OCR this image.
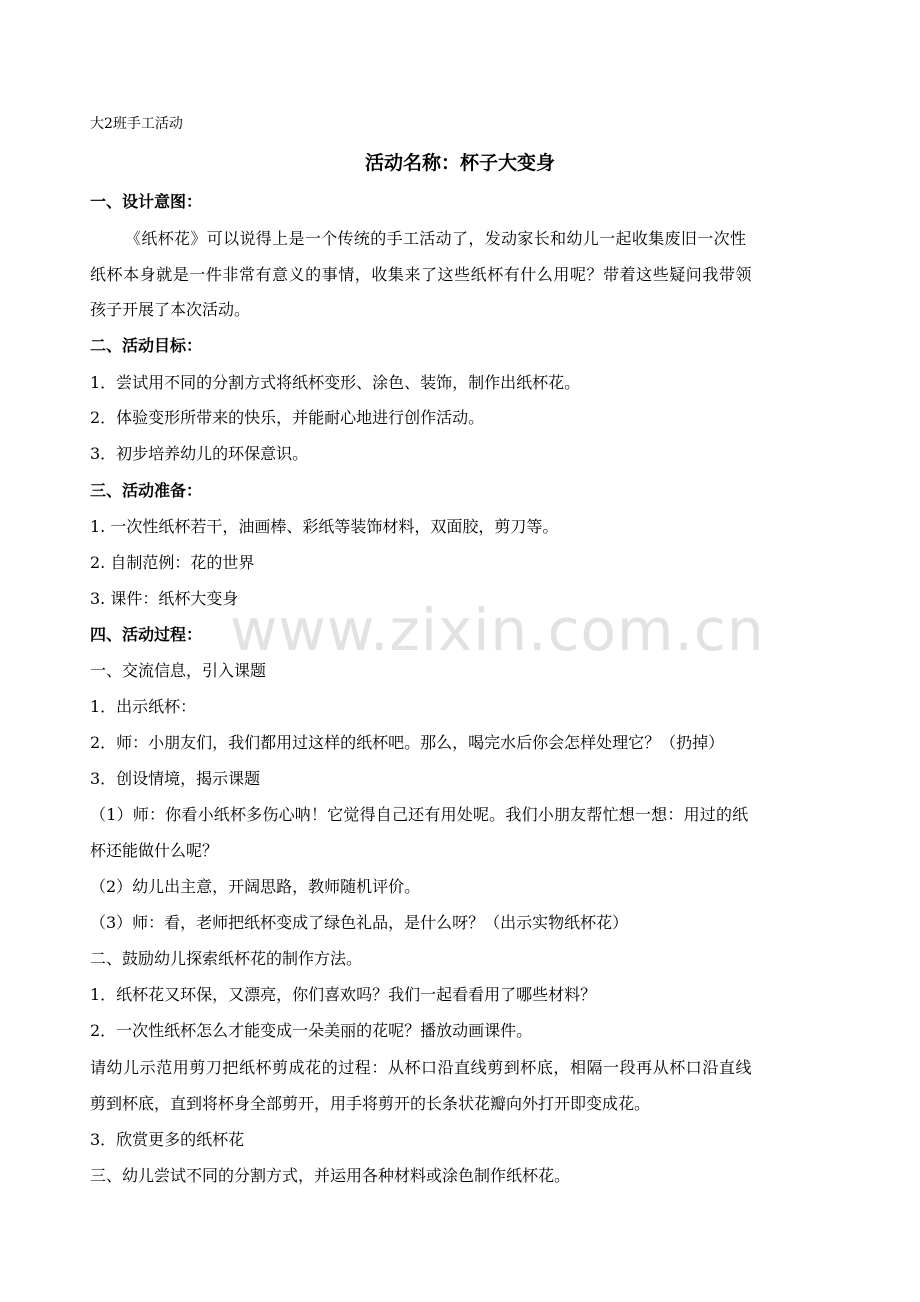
www.zixin.com.cn
大2班手工活动
活动名称：杯子大变身
一、设计意图：
《纸杯花》可以说得上是一个传统的手工活动了，发动家长和幼儿一起收集废旧一次性
纸杯本身就是一件非常有意义的事情，收集来了这些纸杯有什么用呢？带着这些疑问我带领
孩子开展了本次活动。
二、活动目标：
1．尝试用不同的分割方式将纸杯变形、涂色、装饰，制作出纸杯花。
2．体验变形所带来的快乐，并能耐心地进行创作活动。
3．初步培养幼儿的环保意识。
三、活动准备：
1. 一次性纸杯若干，油画棒、彩纸等装饰材料，双面胶，剪刀等。
2. 自制范例：花的世界
3. 课件：纸杯大变身
四、活动过程：
一、交流信息，引入课题
1．出示纸杯：
2．师：小朋友们，我们都用过这样的纸杯吧。那么，喝完水后你会怎样处理它？（扔掉）
3．创设情境，揭示课题
（1）师：你看小纸杯多伤心呐！它觉得自己还有用处呢。我们小朋友帮忙想一想：用过的纸
杯还能做什么呢？
（2）幼儿出主意，开阔思路，教师随机评价。
（3）师：看，老师把纸杯变成了绿色礼品，是什么呀？（出示实物纸杯花）
二、鼓励幼儿探索纸杯花的制作方法。
1．纸杯花又环保，又漂亮，你们喜欢吗？我们一起看看用了哪些材料？
2．一次性纸杯怎么才能变成一朵美丽的花呢？播放动画课件。
请幼儿示范用剪刀把纸杯剪成花的过程：从杯口沿直线剪到杯底，相隔一段再从杯口沿直线
剪到杯底，直到将杯身全部剪开，用手将剪开的长条状花瓣向外打开即变成花。
3．欣赏更多的纸杯花
三、幼儿尝试不同的分割方式，并运用各种材料或涂色制作纸杯花。
